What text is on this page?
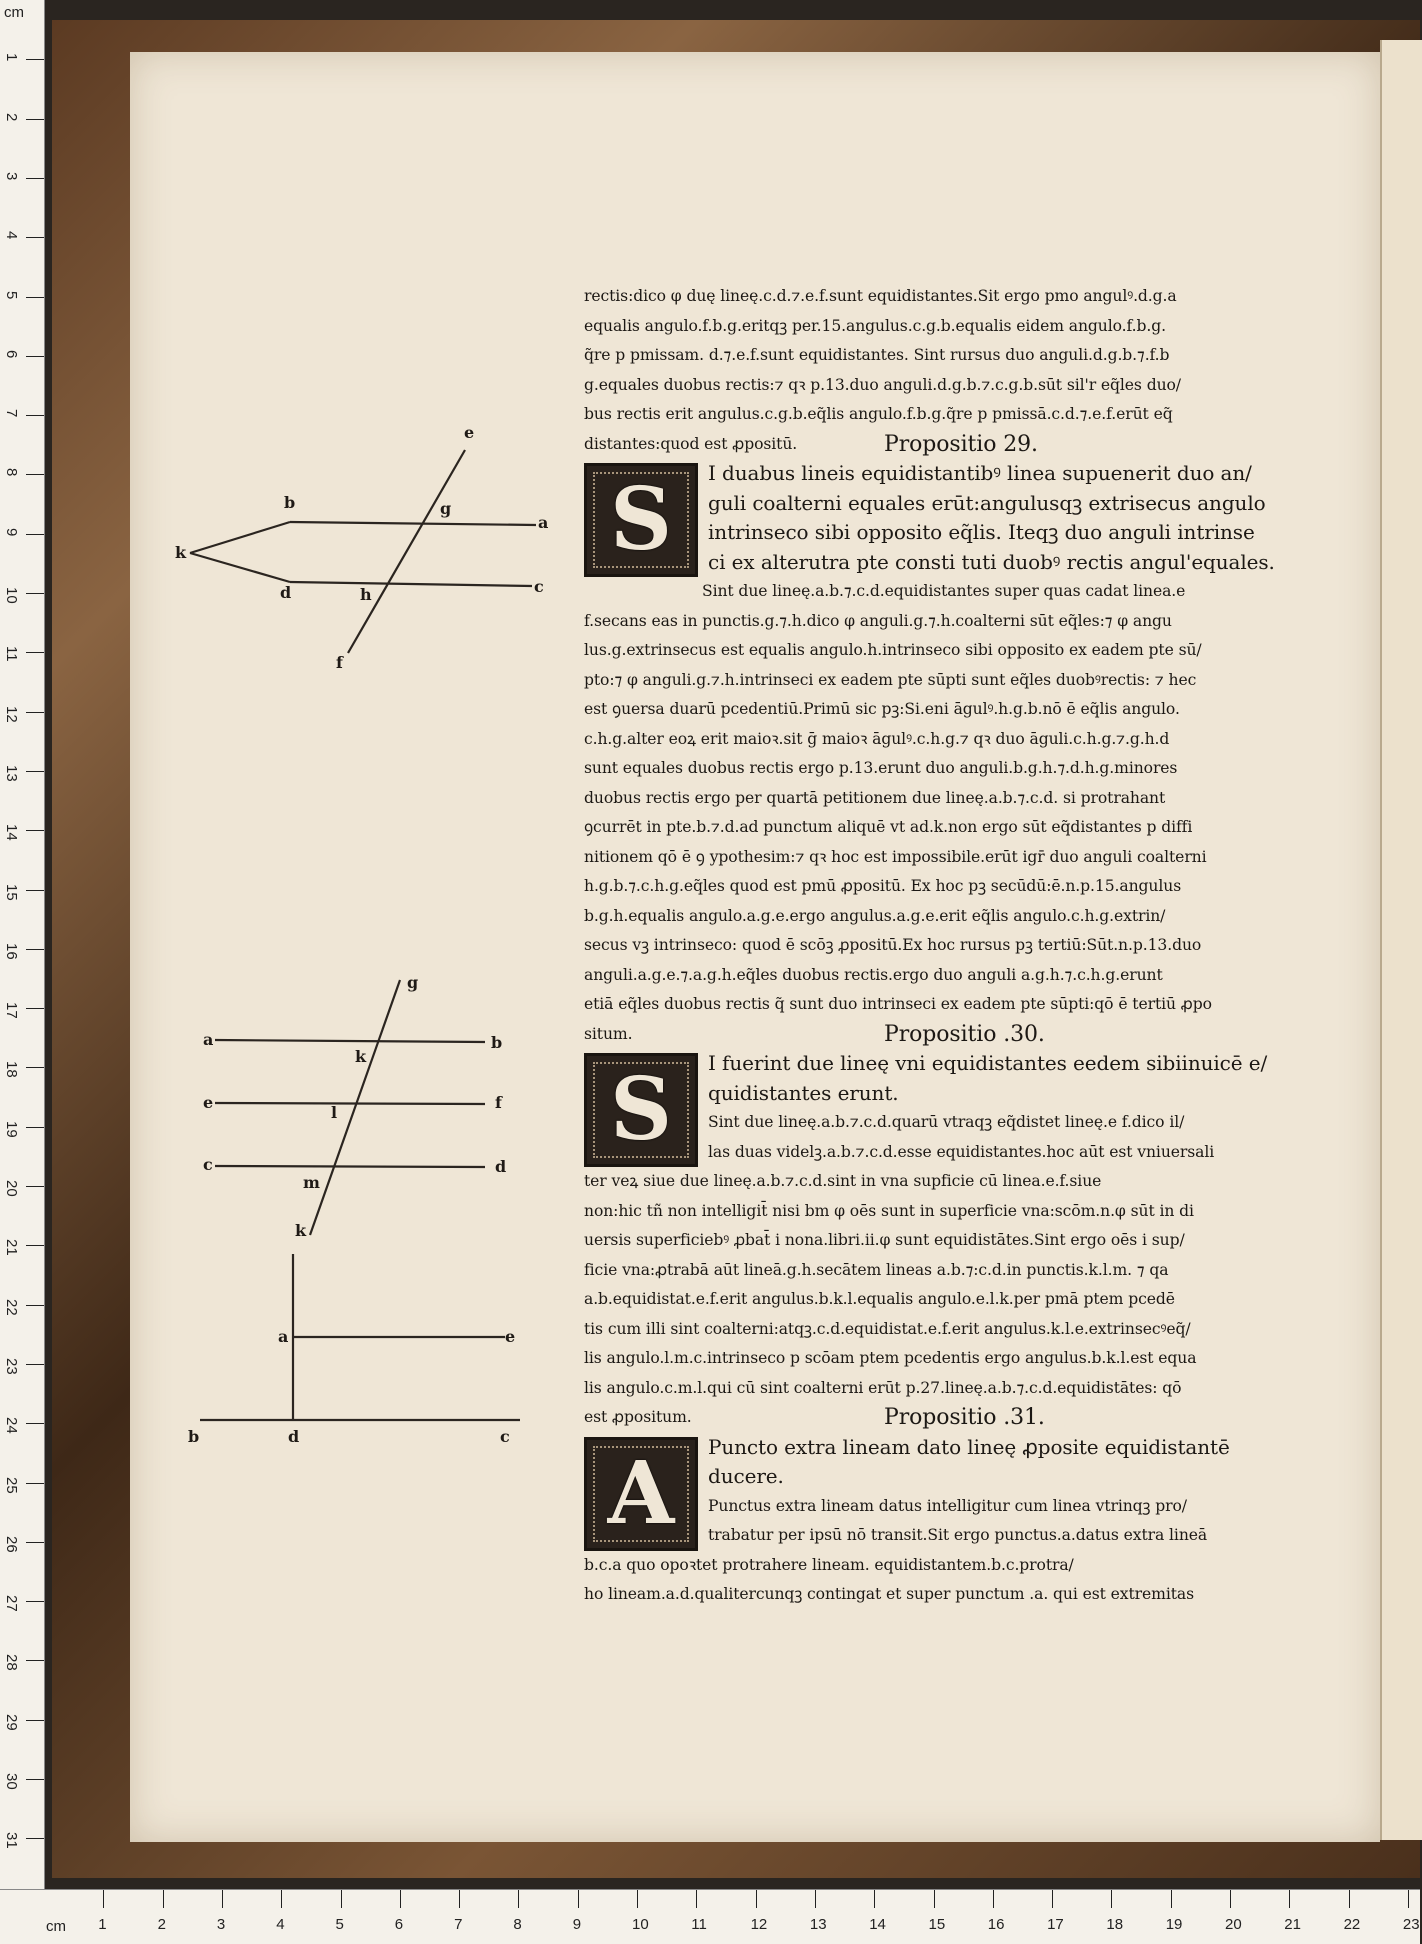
cm
1
2
3
4
5
6
7
8
9
10
11
12
13
14
15
16
17
18
19
20
21
22
23
24
25
26
27
28
29
30
31
cm 1	2	3	4	5	6	7	8	9	10	11	12	13	14	15	16	17	18	19	20	21	22	23
e
b	g
a
k
h	c
d
f
g
a	b
k
e	f
l
c	d
m
k
a	e
b	d	c
rectis:dico φ duę lineę.c.d.⁊.e.f.sunt equidistantes.Sit ergo pmo angulꝰ.d.g.a
equalis angulo.f.b.g.eritqꝫ per.15.angulus.c.g.b.equalis eidem angulo.f.b.g.
q̃re p pmissam. d.⁊.e.f.sunt equidistantes. Sint rursus duo anguli.d.g.b.⁊.f.b
g.equales duobus rectis:⁊ qꝛ p.13.duo anguli.d.g.b.⁊.c.g.b.sūt sil'r eq̃les duo/
bus rectis erit angulus.c.g.b.eq̃lis angulo.f.b.g.q̃re p pmissā.c.d.⁊.e.f.erūt eq̃
distantes:quod est ꝓpositū.	Propositio 29.
S	I duabus lineis equidistantibꝰ linea supuenerit duo an/
guli coalterni equales erūt:angulusqꝫ extrisecus angulo
intrinseco sibi opposito eq̃lis. Iteqꝫ duo anguli intrinse
ci ex alterutra pte consti tuti duobꝰ rectis angul'equales.
Sint due lineę.a.b.⁊.c.d.equidistantes super quas cadat linea.e
f.secans eas in punctis.g.⁊.h.dico φ anguli.g.⁊.h.coalterni sūt eq̃les:⁊ φ angu
lus.g.extrinsecus est equalis angulo.h.intrinseco sibi opposito ex eadem pte sū/
pto:⁊ φ anguli.g.⁊.h.intrinseci ex eadem pte sūpti sunt eq̃les duobꝰrectis: ⁊ hec
est ꝯuersa duarū pcedentiū.Primū sic pꝫ:Si.eni āgulꝰ.h.g.b.nō ē eq̃lis angulo.
c.h.g.alter eoꝝ erit maioꝛ.sit ḡ maioꝛ āgulꝰ.c.h.g.⁊ qꝛ duo āguli.c.h.g.⁊.g.h.d
sunt equales duobus rectis ergo p.13.erunt duo anguli.b.g.h.⁊.d.h.g.minores
duobus rectis ergo per quartā petitionem due lineę.a.b.⁊.c.d. si protrahant
ꝯcurrēt in pte.b.⁊.d.ad punctum aliquē vt ad.k.non ergo sūt eq̃distantes p diffi
nitionem qō ē ꝯ ypothesim:⁊ qꝛ hoc est impossibile.erūt igr̄ duo anguli coalterni
h.g.b.⁊.c.h.g.eq̃les quod est pmū ꝓpositū. Ex hoc pꝫ secūdū:ē.n.p.15.angulus
b.g.h.equalis angulo.a.g.e.ergo angulus.a.g.e.erit eq̃lis angulo.c.h.g.extrin/
secus vꝫ intrinseco: quod ē scōꝫ ꝓpositū.Ex hoc rursus pꝫ tertiū:Sūt.n.p.13.duo
anguli.a.g.e.⁊.a.g.h.eq̃les duobus rectis.ergo duo anguli a.g.h.⁊.c.h.g.erunt
etiā eq̃les duobus rectis q̃ sunt duo intrinseci ex eadem pte sūpti:qō ē tertiū ꝓpo
situm.	Propositio .30.
S	I fuerint due lineę vni equidistantes eedem sibiinuicē e/
quidistantes erunt.
Sint due lineę.a.b.⁊.c.d.quarū vtraqꝫ eq̃distet lineę.e f.dico il/
las duas videlꝫ.a.b.⁊.c.d.esse equidistantes.hoc aūt est vniuersali
ter veꝝ siue due lineę.a.b.⁊.c.d.sint in vna supficie cū linea.e.f.siue
non:hic tñ non intelligit̄ nisi bm φ oēs sunt in superficie vna:scōm.n.φ sūt in di
uersis superficiebꝰ ꝓbat̄ i nona.libri.ii.φ sunt equidistātes.Sint ergo oēs i sup/
ficie vna:ꝓtrabā aūt lineā.g.h.secātem lineas a.b.⁊:c.d.in punctis.k.l.m. ⁊ qa
a.b.equidistat.e.f.erit angulus.b.k.l.equalis angulo.e.l.k.per pmā ptem pcedē
tis cum illi sint coalterni:atqꝫ.c.d.equidistat.e.f.erit angulus.k.l.e.extrinsecꝰeq̃/
lis angulo.l.m.c.intrinseco p scōam ptem pcedentis ergo angulus.b.k.l.est equa
lis angulo.c.m.l.qui cū sint coalterni erūt p.27.lineę.a.b.⁊.c.d.equidistātes: qō
est ꝓpositum.	Propositio .31.
A	Puncto extra lineam dato lineę ꝓposite equidistantē
ducere.
Punctus extra lineam datus intelligitur cum linea vtrinqꝫ pro/
trabatur per ipsū nō transit.Sit ergo punctus.a.datus extra lineā
b.c.a quo opoꝛtet protrahere lineam. equidistantem.b.c.protra/
ho lineam.a.d.qualitercunqꝫ contingat et super punctum .a. qui est extremitas
